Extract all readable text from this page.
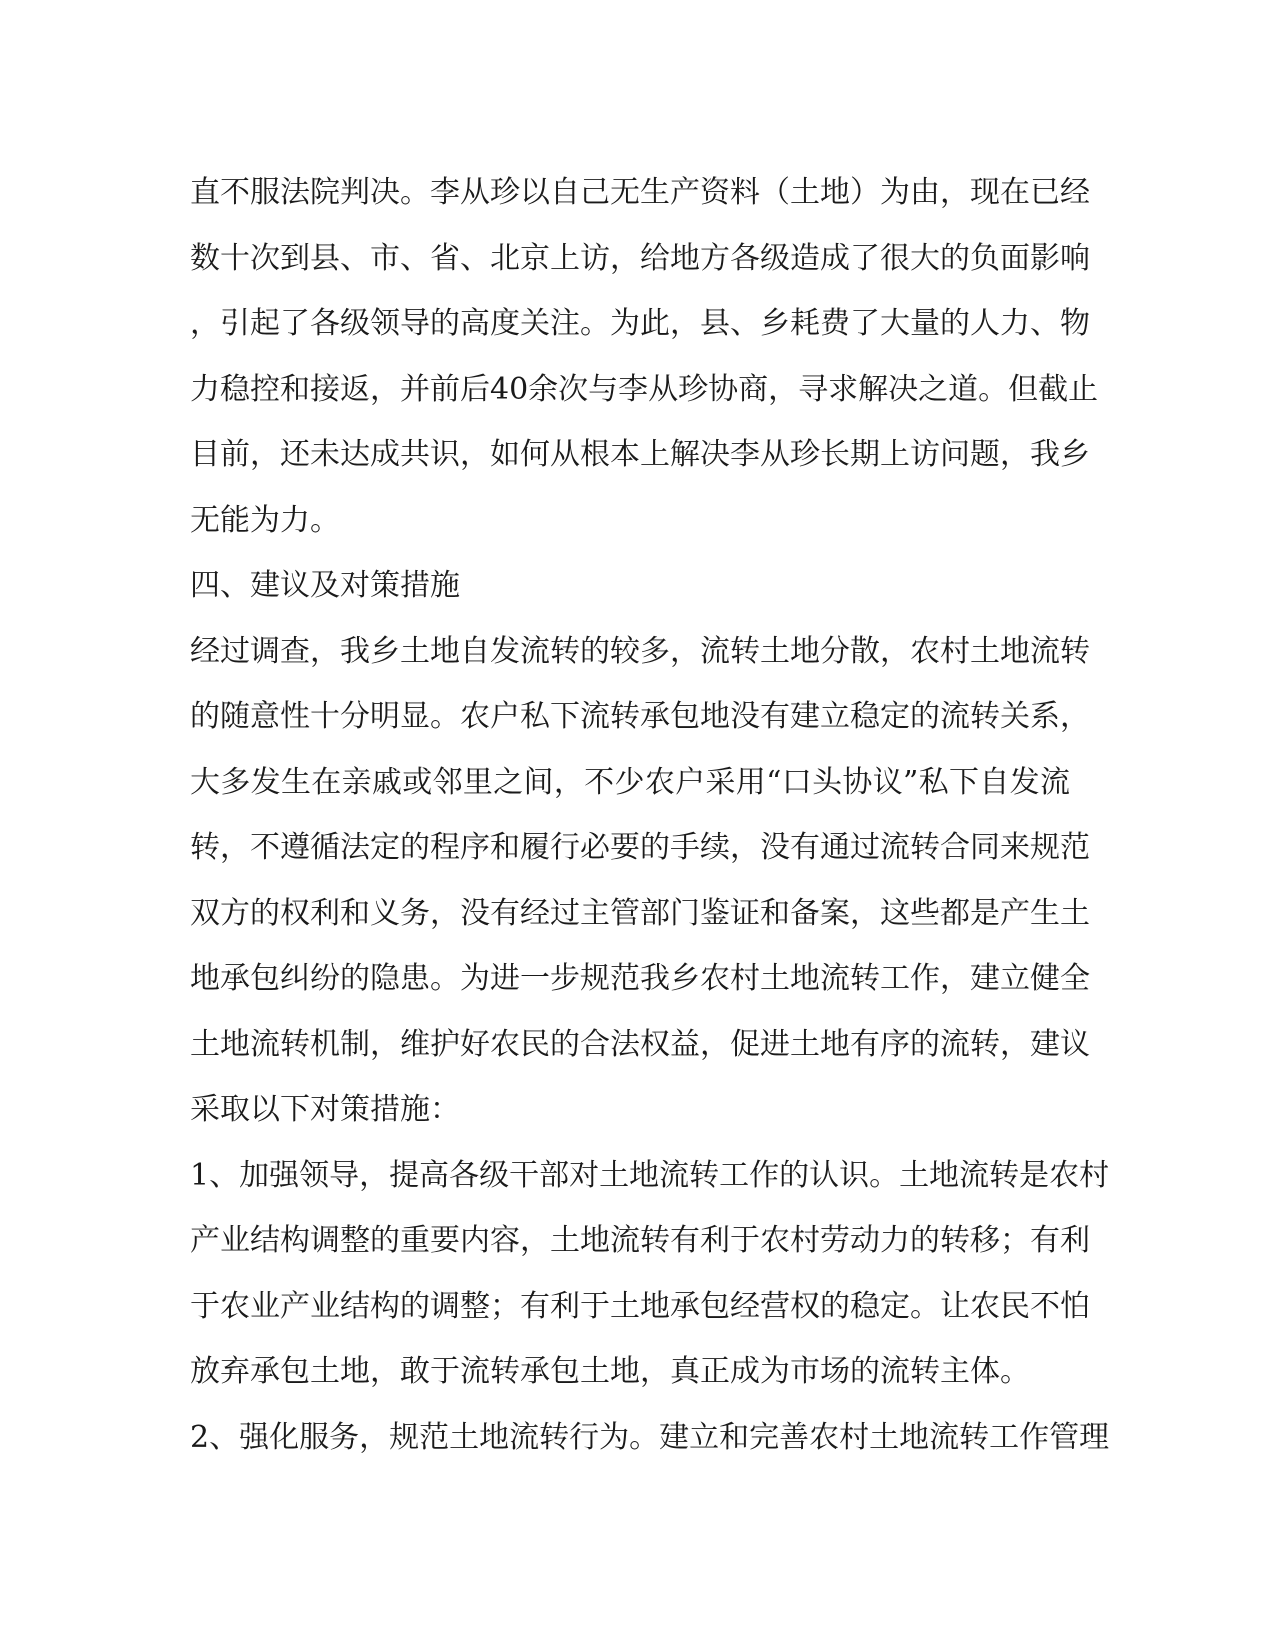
直不服法院判决。李从珍以自己无生产资料（土地）为由，现在已经
数十次到县、市、省、北京上访，给地方各级造成了很大的负面影响
，引起了各级领导的高度关注。为此，县、乡耗费了大量的人力、物
力稳控和接返，并前后40余次与李从珍协商，寻求解决之道。但截止
目前，还未达成共识，如何从根本上解决李从珍长期上访问题，我乡
无能为力。
四、建议及对策措施
经过调查，我乡土地自发流转的较多，流转土地分散，农村土地流转
的随意性十分明显。农户私下流转承包地没有建立稳定的流转关系，
大多发生在亲戚或邻里之间，不少农户采用“口头协议”私下自发流
转，不遵循法定的程序和履行必要的手续，没有通过流转合同来规范
双方的权利和义务，没有经过主管部门鉴证和备案，这些都是产生土
地承包纠纷的隐患。为进一步规范我乡农村土地流转工作，建立健全
土地流转机制，维护好农民的合法权益，促进土地有序的流转，建议
采取以下对策措施：
1、加强领导，提高各级干部对土地流转工作的认识。土地流转是农村
产业结构调整的重要内容，土地流转有利于农村劳动力的转移；有利
于农业产业结构的调整；有利于土地承包经营权的稳定。让农民不怕
放弃承包土地，敢于流转承包土地，真正成为市场的流转主体。
2、强化服务，规范土地流转行为。建立和完善农村土地流转工作管理
